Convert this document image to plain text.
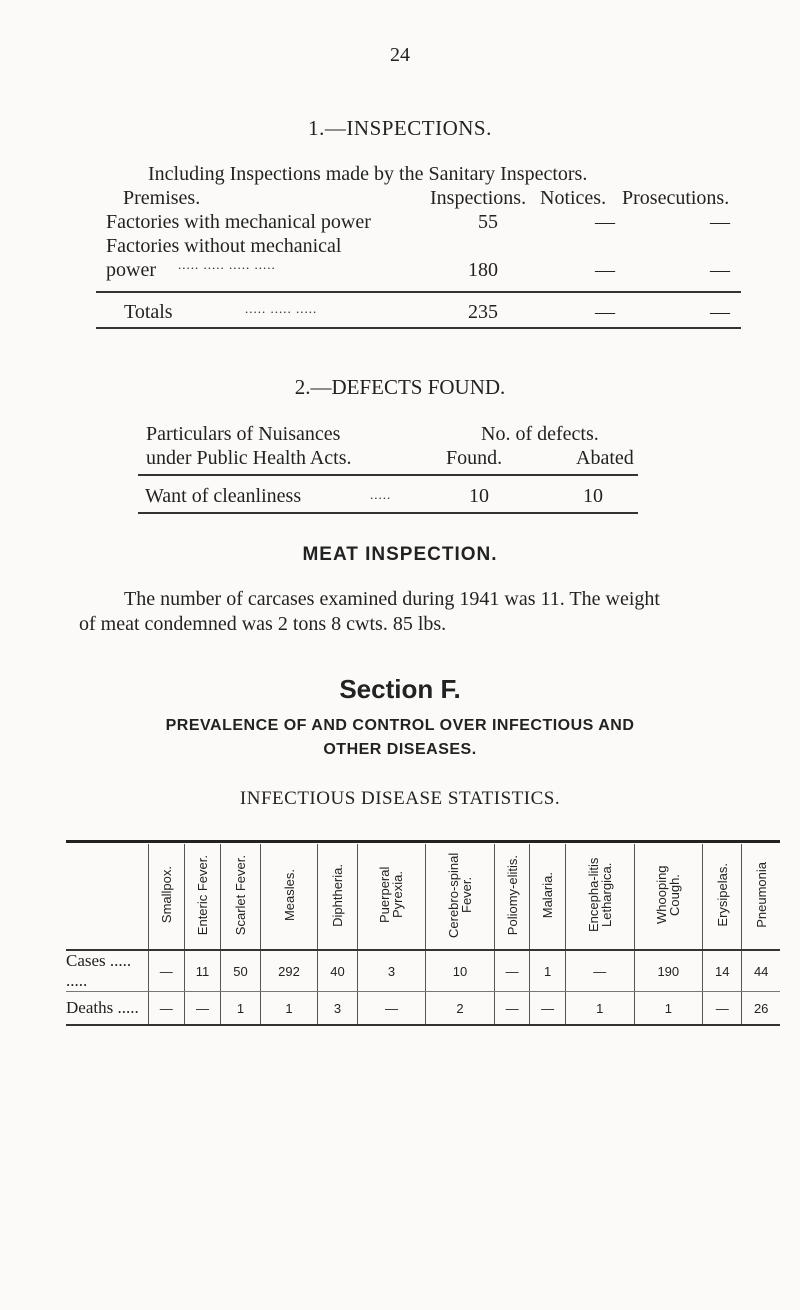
24
1.—INSPECTIONS.
Including Inspections made by the Sanitary Inspectors.
Premises.	Inspections. Notices. Prosecutions.
Factories with mechanical power	55	—	—
Factories without mechanical
power ..... ..... ..... .....	180	—	—
Totals	..... ..... .....	235	—	—
2.—DEFECTS FOUND.
Particulars of Nuisances
under Public Health Acts.
No. of defects.
Found.	Abated
Want of cleanliness	.....	10	10
MEAT INSPECTION.
The number of carcases examined during 1941 was 11. The weight
of meat condemned was 2 tons 8 cwts. 85 lbs.
Section F.
PREVALENCE OF AND CONTROL OVER INFECTIOUS AND
OTHER DISEASES.
INFECTIOUS DISEASE STATISTICS.
	Smallpox.	Enteric Fever.	Scarlet Fever.	Measles.	Diphtheria.	Puerperal Pyrexia.	Cerebro-spinal Fever.	Poliomy-elitis.	Malaria.	Encepha-litis Lethargica.	Whooping Cough.	Erysipelas.	Pneumonia
Cases ..... .....	—	11	50	292	40	3	10	—	1	—	190	14	44
Deaths .....	—	—	1	1	3	—	2	—	—	1	1	—	26
